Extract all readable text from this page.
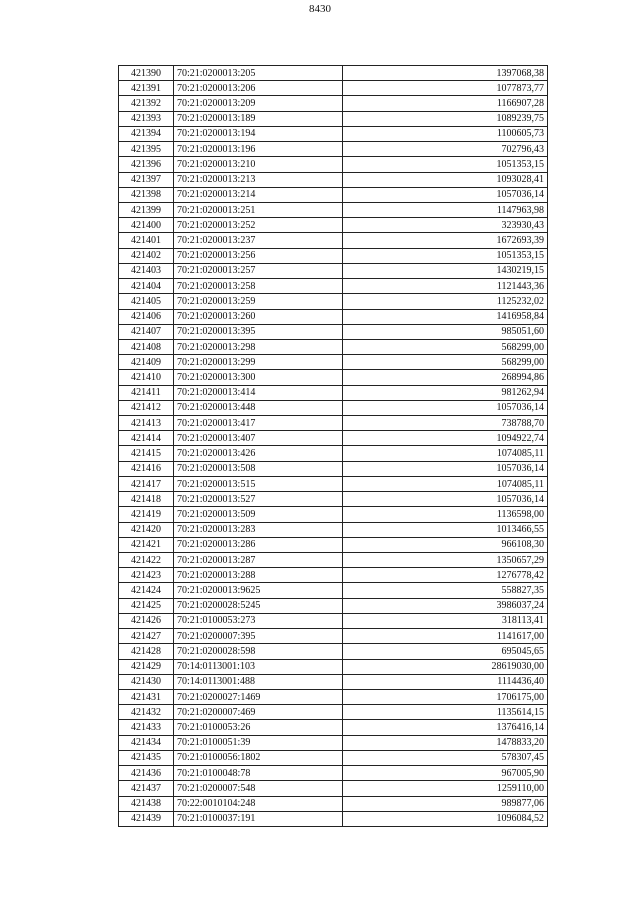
8430
421390	70:21:0200013:205	1397068,38
421391	70:21:0200013:206	1077873,77
421392	70:21:0200013:209	1166907,28
421393	70:21:0200013:189	1089239,75
421394	70:21:0200013:194	1100605,73
421395	70:21:0200013:196	702796,43
421396	70:21:0200013:210	1051353,15
421397	70:21:0200013:213	1093028,41
421398	70:21:0200013:214	1057036,14
421399	70:21:0200013:251	1147963,98
421400	70:21:0200013:252	323930,43
421401	70:21:0200013:237	1672693,39
421402	70:21:0200013:256	1051353,15
421403	70:21:0200013:257	1430219,15
421404	70:21:0200013:258	1121443,36
421405	70:21:0200013:259	1125232,02
421406	70:21:0200013:260	1416958,84
421407	70:21:0200013:395	985051,60
421408	70:21:0200013:298	568299,00
421409	70:21:0200013:299	568299,00
421410	70:21:0200013:300	268994,86
421411	70:21:0200013:414	981262,94
421412	70:21:0200013:448	1057036,14
421413	70:21:0200013:417	738788,70
421414	70:21:0200013:407	1094922,74
421415	70:21:0200013:426	1074085,11
421416	70:21:0200013:508	1057036,14
421417	70:21:0200013:515	1074085,11
421418	70:21:0200013:527	1057036,14
421419	70:21:0200013:509	1136598,00
421420	70:21:0200013:283	1013466,55
421421	70:21:0200013:286	966108,30
421422	70:21:0200013:287	1350657,29
421423	70:21:0200013:288	1276778,42
421424	70:21:0200013:9625	558827,35
421425	70:21:0200028:5245	3986037,24
421426	70:21:0100053:273	318113,41
421427	70:21:0200007:395	1141617,00
421428	70:21:0200028:598	695045,65
421429	70:14:0113001:103	28619030,00
421430	70:14:0113001:488	1114436,40
421431	70:21:0200027:1469	1706175,00
421432	70:21:0200007:469	1135614,15
421433	70:21:0100053:26	1376416,14
421434	70:21:0100051:39	1478833,20
421435	70:21:0100056:1802	578307,45
421436	70:21:0100048:78	967005,90
421437	70:21:0200007:548	1259110,00
421438	70:22:0010104:248	989877,06
421439	70:21:0100037:191	1096084,52
